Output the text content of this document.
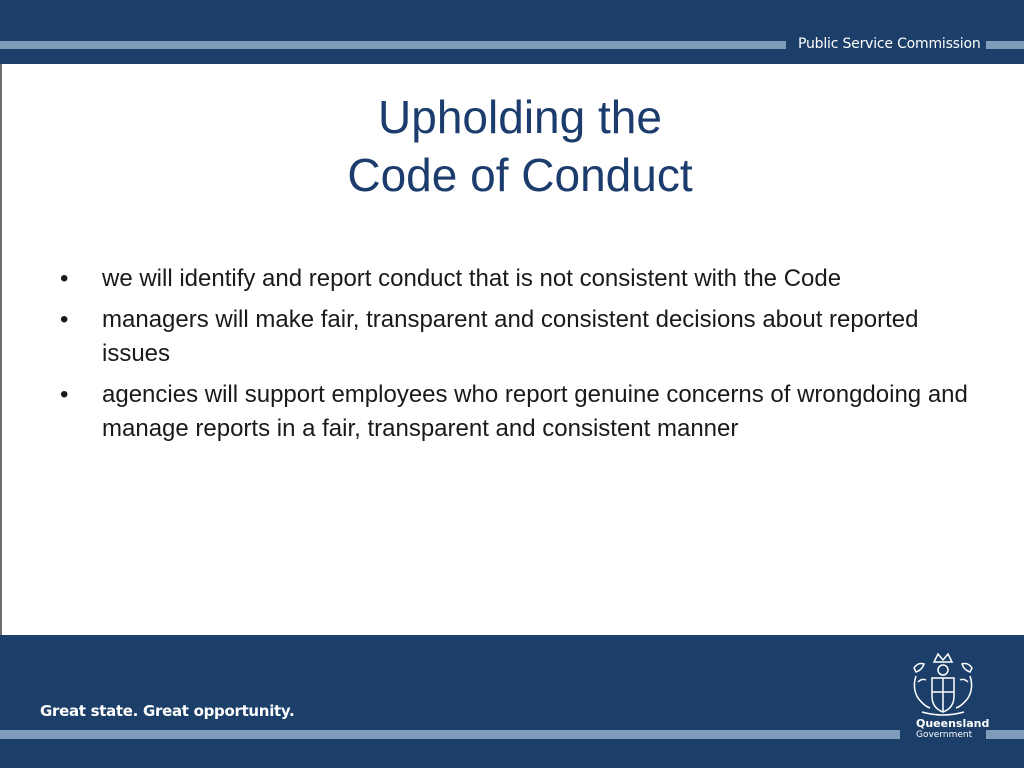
Public Service Commission
Upholding the
Code of Conduct
•	we will identify and report conduct that is not consistent with the Code
•	managers will make fair, transparent and consistent decisions about reported issues
•	agencies will support employees who report genuine concerns of wrongdoing and manage reports in a fair, transparent and consistent manner
Great state. Great opportunity.
Queensland
Government
